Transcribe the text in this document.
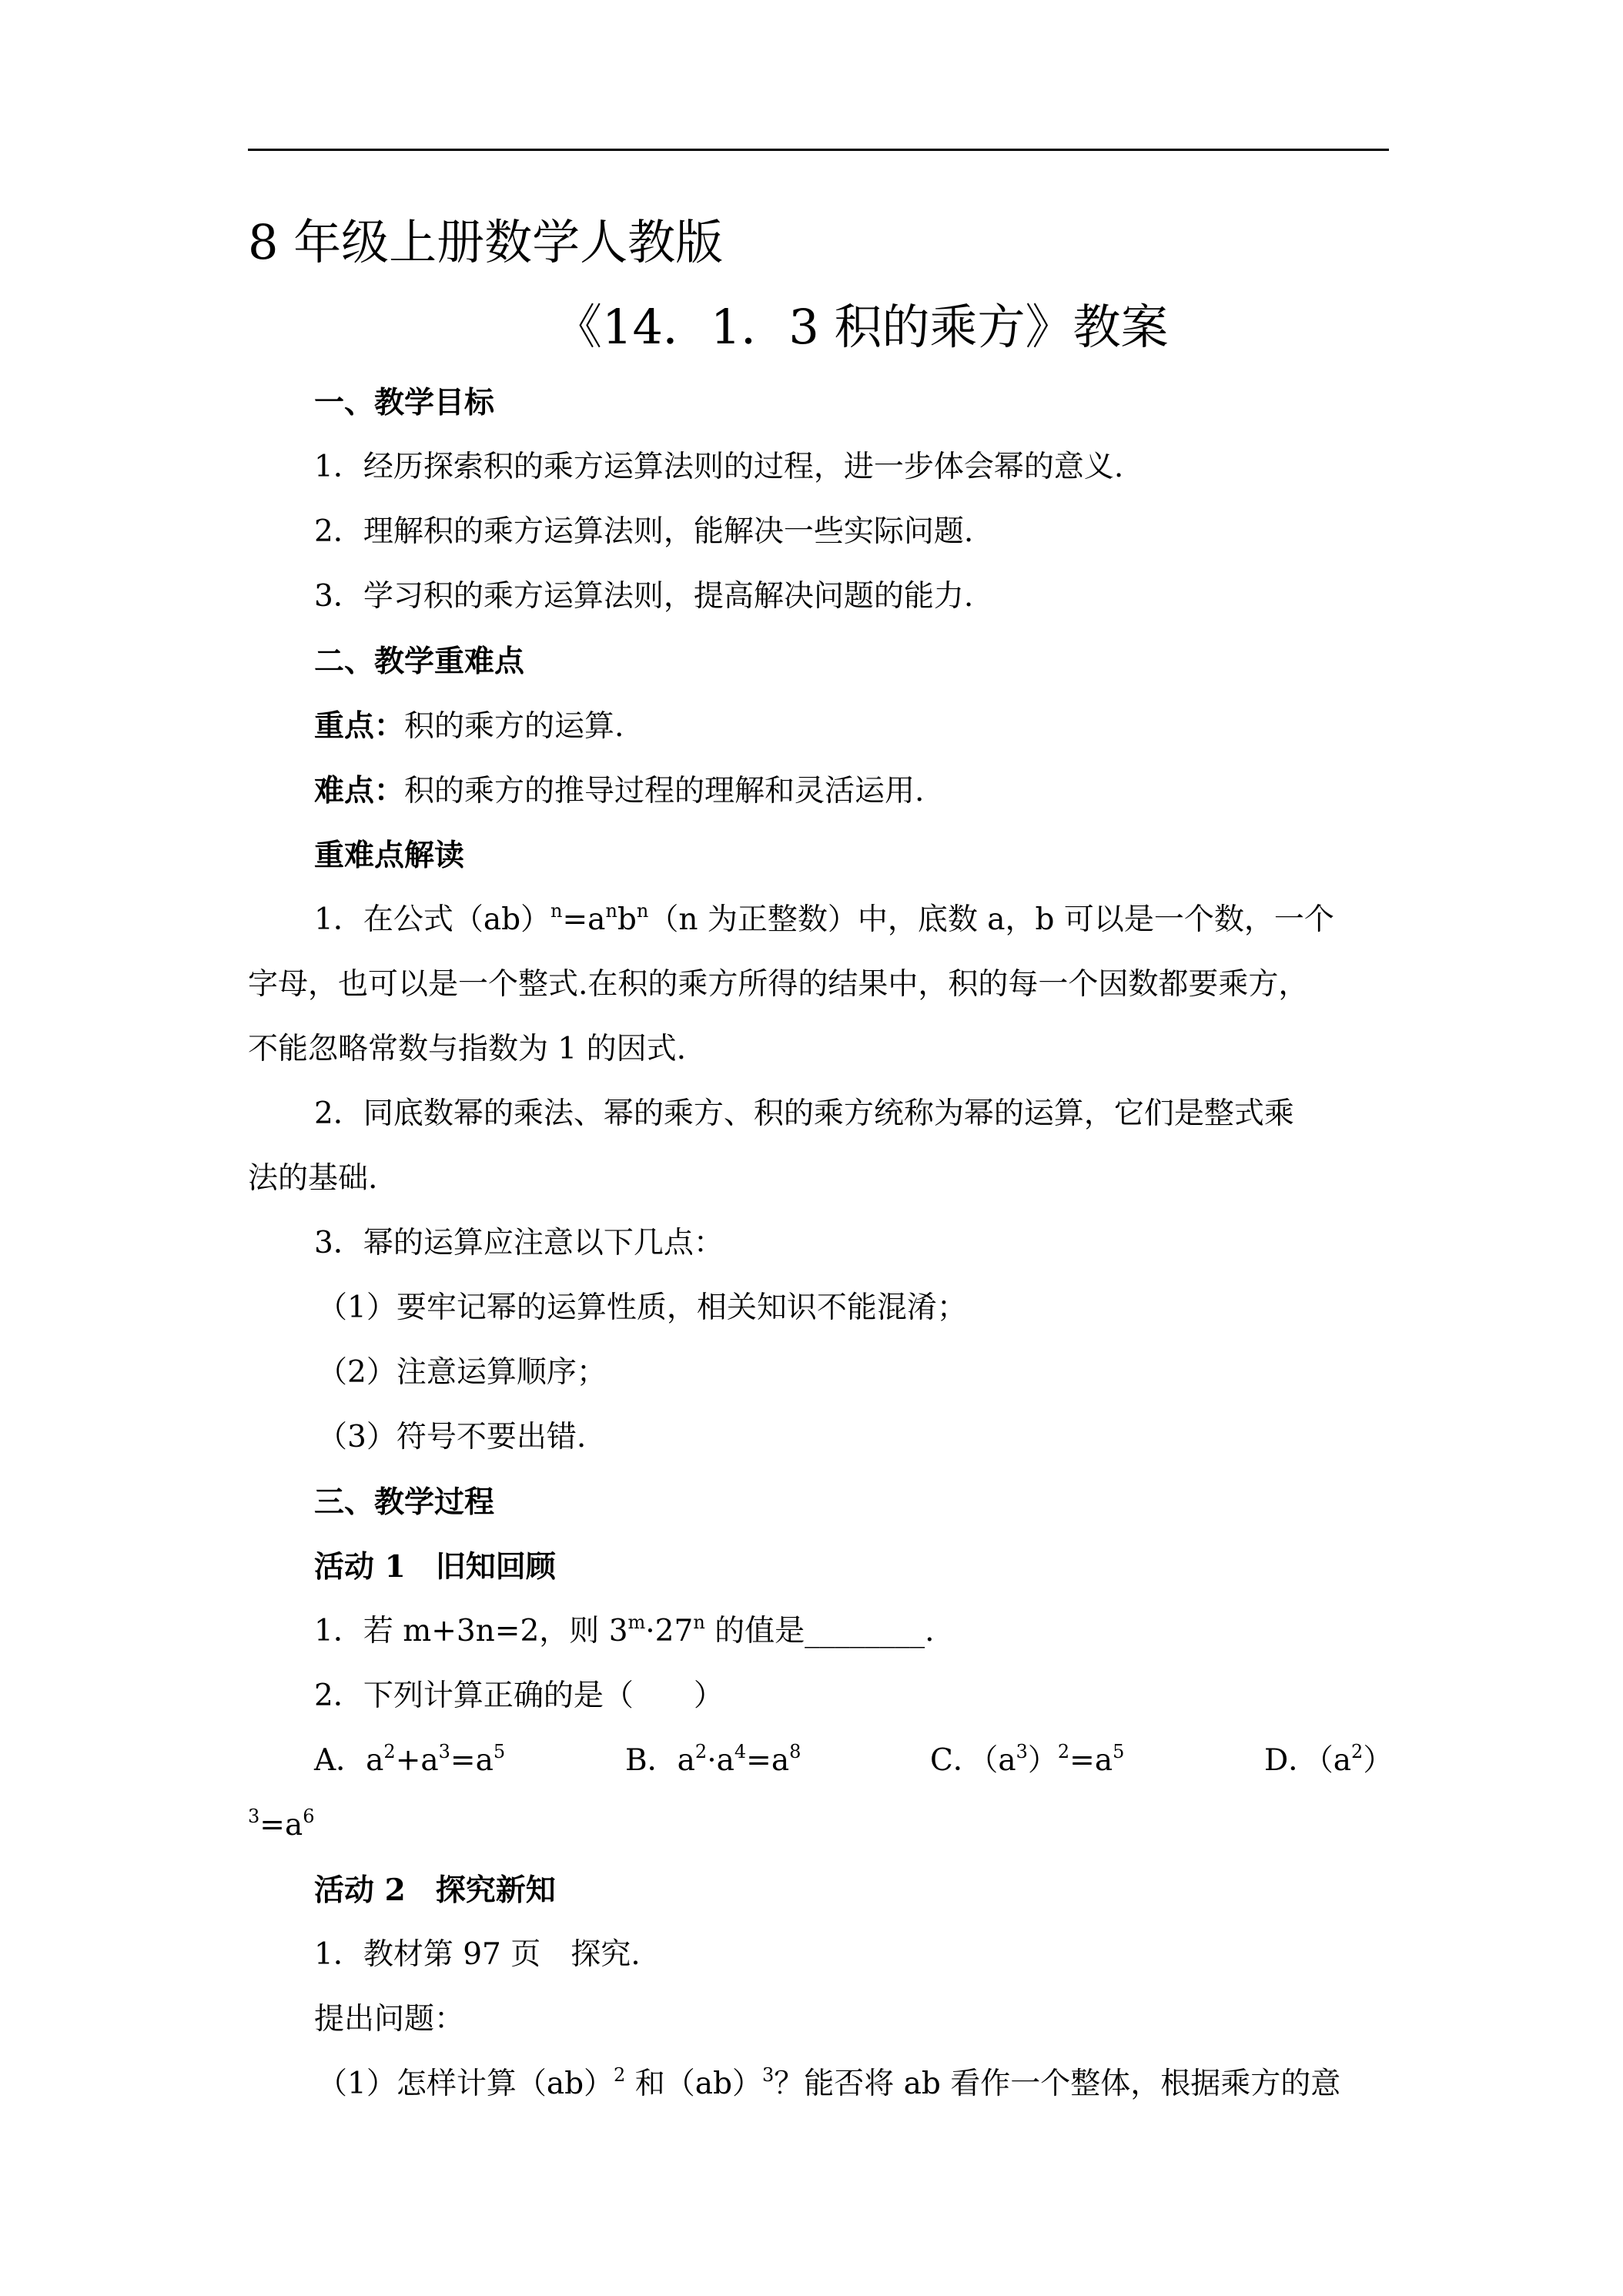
8 年级上册数学人教版
《14．1．3 积的乘方》教案
一、教学目标
1．经历探索积的乘方运算法则的过程，进一步体会幂的意义.
2．理解积的乘方运算法则，能解决一些实际问题.
3．学习积的乘方运算法则，提高解决问题的能力.
二、教学重难点
重点：积的乘方的运算.
难点：积的乘方的推导过程的理解和灵活运用.
重难点解读
1．在公式$(ab)^n=a^nb^n(n$ 为正整数）中，底数 a，b 可以是一个数，一个
字母，也可以是一个整式.在积的乘方所得的结果中，积的每一个因数都要乘方，
不能忽略常数与指数为 1 的因式.
2．同底数幂的乘法、幂的乘方、积的乘方统称为幂的运算，它们是整式乘
法的基础.
3．幂的运算应注意以下几点：
（1）要牢记幂的运算性质，相关知识不能混淆；
（2）注意运算顺序；
（3）符号不要出错.
三、教学过程
活动 1　旧知回顾
1．若 m+3n=2，则 $3^m\cdot 27^n$ 的值是________.
2．下列计算正确的是（　　）
A．$a^2+a^3=a^5$	B．$a^2\cdot a^4=a^8$	C．$(a^3)^2=a^5$	D．$(a^2)$
$^3=a^6$
活动 2　探究新知
1．教材第 97 页　探究.
提出问题：
（1）怎样计算（ab）$^2$ 和（ab）$^3$？能否将 ab 看作一个整体，根据乘方的意
